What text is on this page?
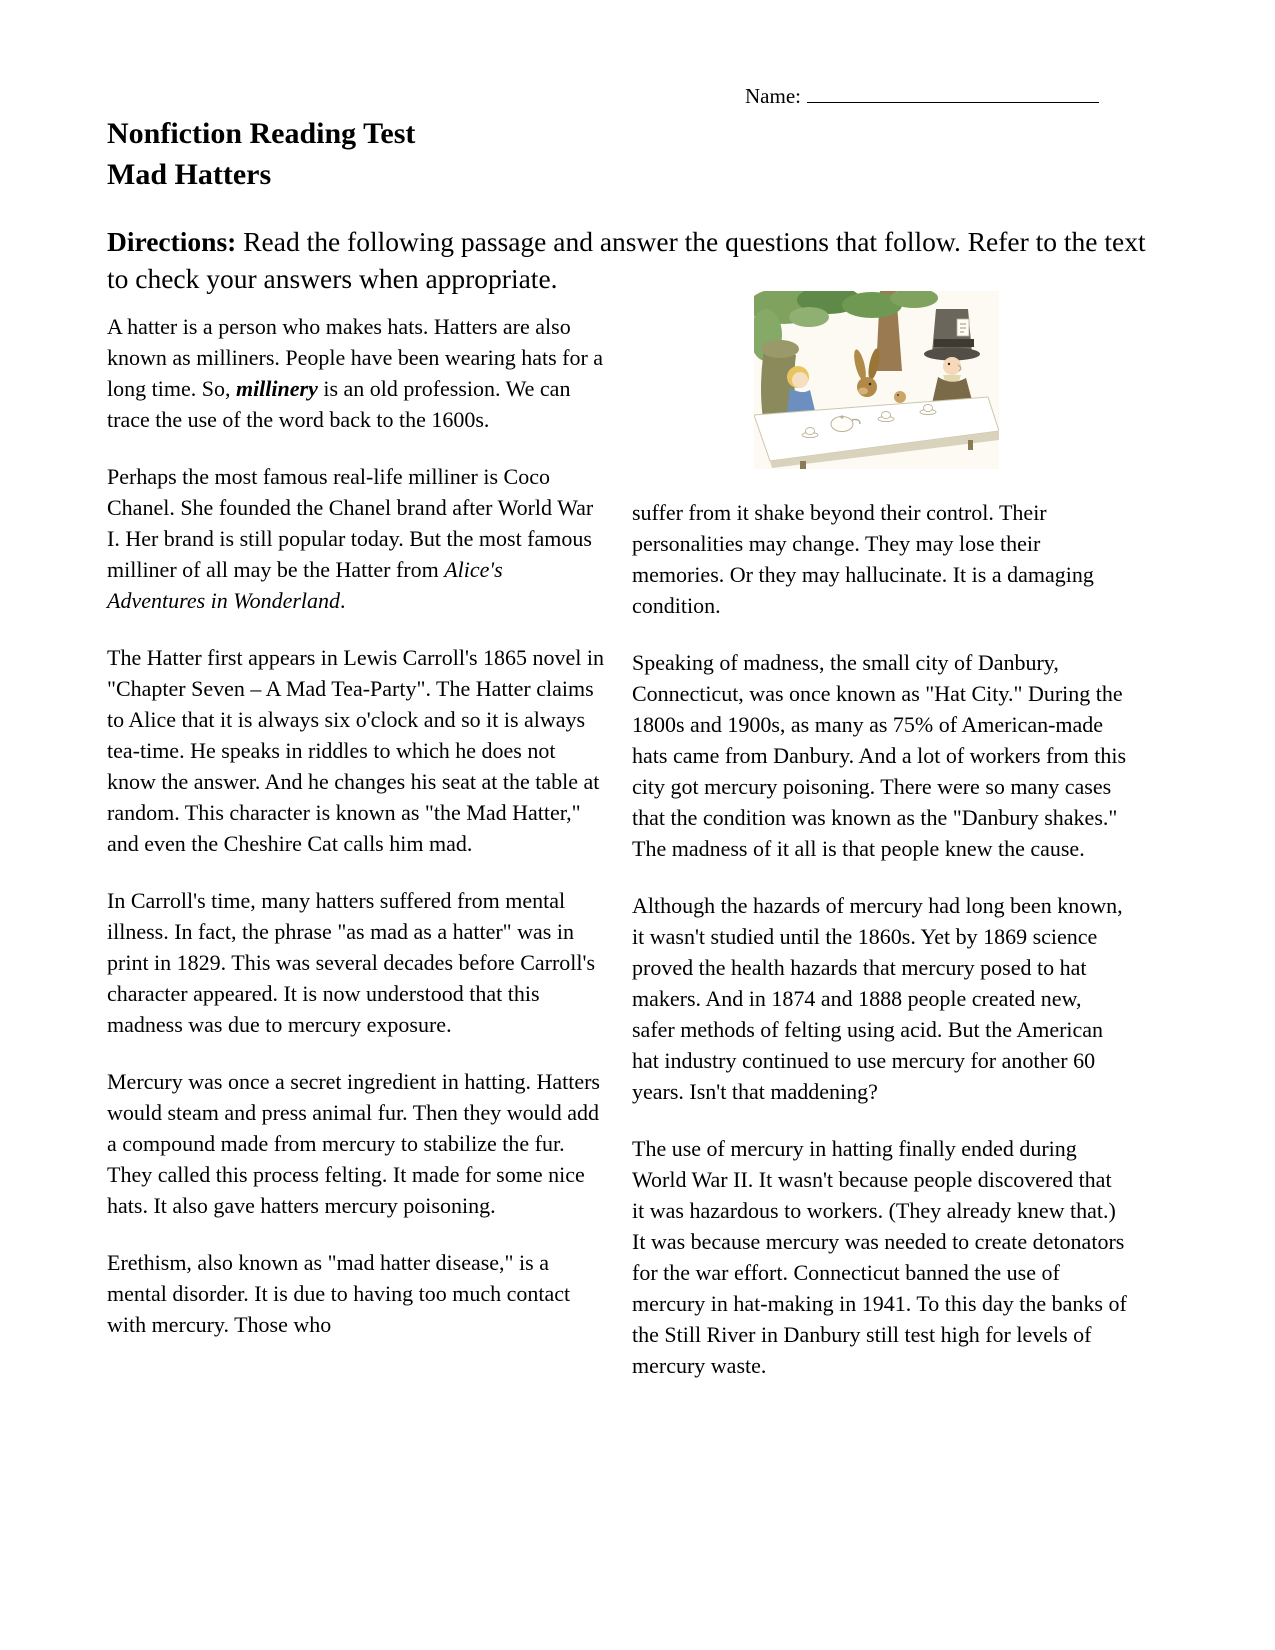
Name:
Nonfiction Reading Test
Mad Hatters

Directions: Read the following passage and answer the questions that follow. Refer to the text to check your answers when appropriate.

A hatter is a person who makes hats. Hatters are also known as milliners. People have been wearing hats for a long time. So, millinery is an old profession. We can trace the use of the word back to the 1600s.

Perhaps the most famous real-life milliner is Coco Chanel. She founded the Chanel brand after World War I. Her brand is still popular today. But the most famous milliner of all may be the Hatter from Alice's Adventures in Wonderland.

The Hatter first appears in Lewis Carroll's 1865 novel in "Chapter Seven – A Mad Tea-Party". The Hatter claims to Alice that it is always six o'clock and so it is always tea-time. He speaks in riddles to which he does not know the answer. And he changes his seat at the table at random. This character is known as "the Mad Hatter," and even the Cheshire Cat calls him mad.

In Carroll's time, many hatters suffered from mental illness. In fact, the phrase "as mad as a hatter" was in print in 1829. This was several decades before Carroll's character appeared. It is now understood that this madness was due to mercury exposure.

Mercury was once a secret ingredient in hatting. Hatters would steam and press animal fur. Then they would add a compound made from mercury to stabilize the fur. They called this process felting. It made for some nice hats. It also gave hatters mercury poisoning.

Erethism, also known as "mad hatter disease," is a mental disorder. It is due to having too much contact with mercury. Those who

suffer from it shake beyond their control. Their personalities may change. They may lose their memories. Or they may hallucinate. It is a damaging condition.

Speaking of madness, the small city of Danbury, Connecticut, was once known as "Hat City." During the 1800s and 1900s, as many as 75% of American-made hats came from Danbury. And a lot of workers from this city got mercury poisoning. There were so many cases that the condition was known as the "Danbury shakes." The madness of it all is that people knew the cause.

Although the hazards of mercury had long been known, it wasn't studied until the 1860s. Yet by 1869 science proved the health hazards that mercury posed to hat makers. And in 1874 and 1888 people created new, safer methods of felting using acid. But the American hat industry continued to use mercury for another 60 years. Isn't that maddening?

The use of mercury in hatting finally ended during World War II. It wasn't because people discovered that it was hazardous to workers. (They already knew that.) It was because mercury was needed to create detonators for the war effort. Connecticut banned the use of mercury in hat-making in 1941. To this day the banks of the Still River in Danbury still test high for levels of mercury waste.
